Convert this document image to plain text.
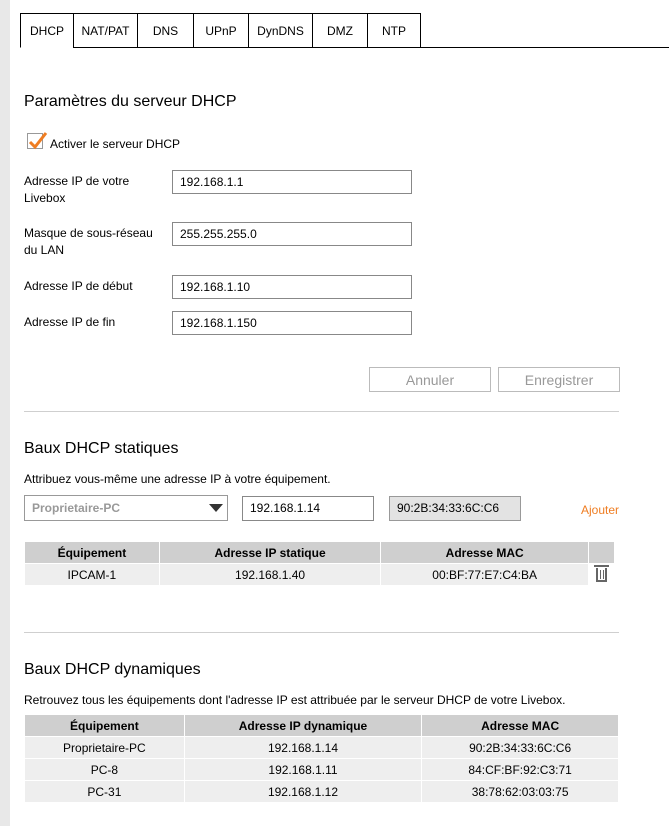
DHCP	NAT/PAT	DNS	UPnP	DynDNS	DMZ	NTP
Paramètres du serveur DHCP
Activer le serveur DHCP
Adresse IP de votre Livebox
192.168.1.1
Masque de sous-réseau du LAN
255.255.255.0
Adresse IP de début	192.168.1.10
Adresse IP de fin	192.168.1.150
Annuler	Enregistrer
Baux DHCP statiques
Attribuez vous-même une adresse IP à votre équipement.
Proprietaire-PC	192.168.1.14	90:2B:34:33:6C:C6	Ajouter
Équipement	Adresse IP statique	Adresse MAC	
IPCAM-1	192.168.1.40	00:BF:77:E7:C4:BA	
Baux DHCP dynamiques
Retrouvez tous les équipements dont l'adresse IP est attribuée par le serveur DHCP de votre Livebox.
Équipement	Adresse IP dynamique	Adresse MAC
Proprietaire-PC	192.168.1.14	90:2B:34:33:6C:C6
PC-8	192.168.1.11	84:CF:BF:92:C3:71
PC-31	192.168.1.12	38:78:62:03:03:75
